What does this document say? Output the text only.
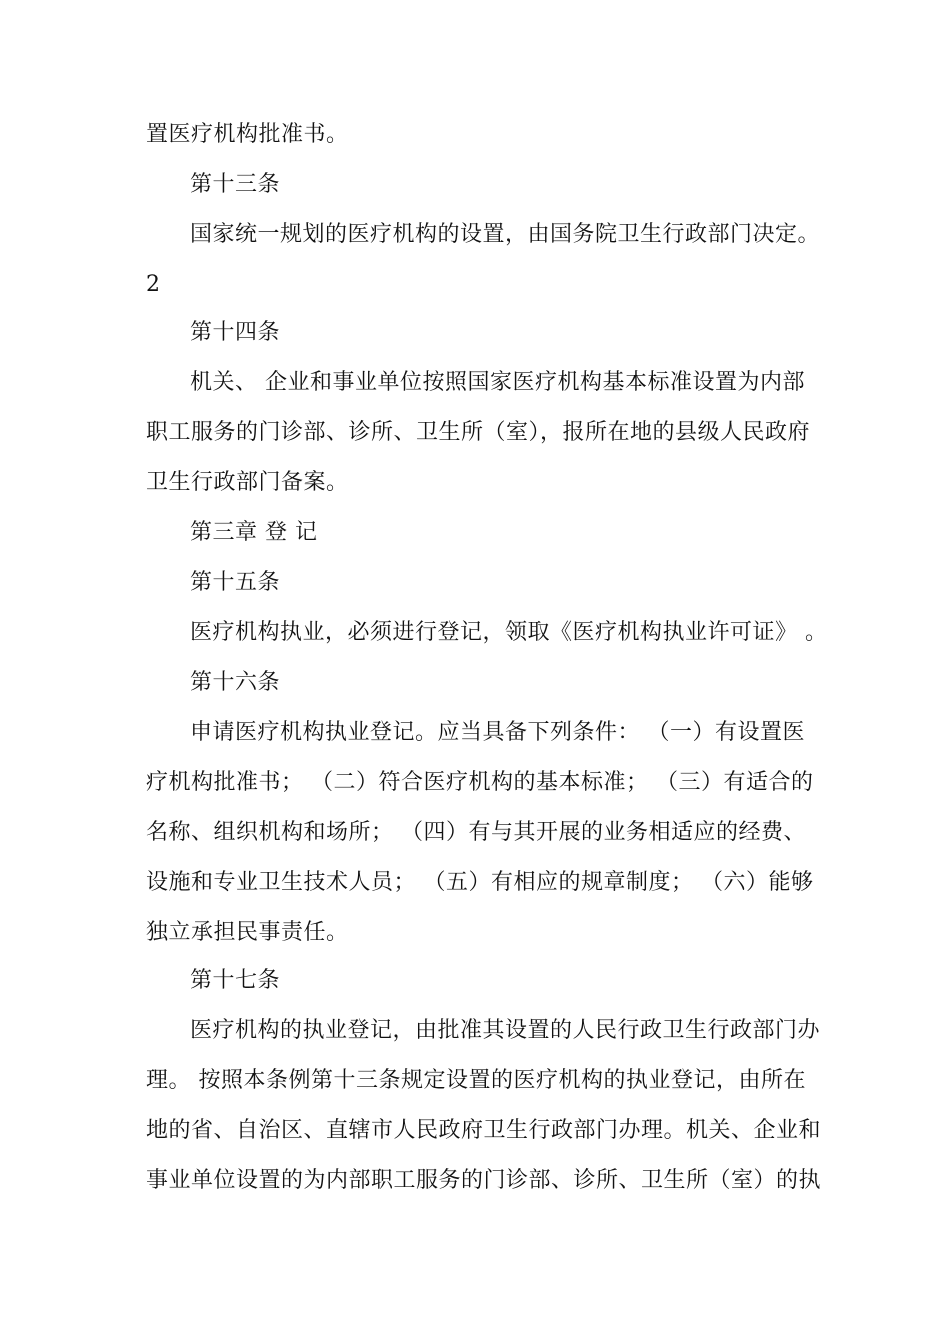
置医疗机构批准书。
第十三条
国家统一规划的医疗机构的设置，由国务院卫生行政部门决定。
2
第十四条
机关、 企业和事业单位按照国家医疗机构基本标准设置为内部
职工服务的门诊部、诊所、卫生所（室），报所在地的县级人民政府
卫生行政部门备案。
第三章 登 记
第十五条
医疗机构执业，必须进行登记，领取《医疗机构执业许可证》 。
第十六条
申请医疗机构执业登记。应当具备下列条件： （一）有设置医
疗机构批准书； （二）符合医疗机构的基本标准； （三）有适合的
名称、组织机构和场所； （四）有与其开展的业务相适应的经费、
设施和专业卫生技术人员； （五）有相应的规章制度； （六）能够
独立承担民事责任。
第十七条
医疗机构的执业登记，由批准其设置的人民行政卫生行政部门办
理。 按照本条例第十三条规定设置的医疗机构的执业登记，由所在
地的省、自治区、直辖市人民政府卫生行政部门办理。机关、企业和
事业单位设置的为内部职工服务的门诊部、诊所、卫生所（室）的执
